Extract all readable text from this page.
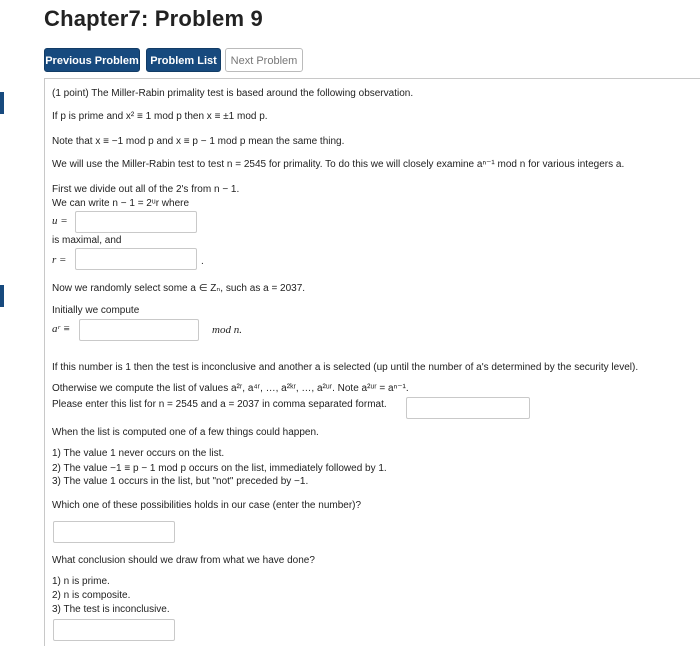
Chapter7: Problem 9
Previous Problem	Problem List	Next Problem
(1 point) The Miller-Rabin primality test is based around the following observation.
If p is prime and x² ≡ 1 mod p then x ≡ ±1 mod p.
Note that x ≡ −1 mod p and x ≡ p − 1 mod p mean the same thing.
We will use the Miller-Rabin test to test n = 2545 for primality. To do this we will closely examine aⁿ⁻¹ mod n for various integers a.
First we divide out all of the 2's from n − 1.
We can write n − 1 = 2ᵘr where
u =
is maximal, and
r =	.
Now we randomly select some a ∈ Zₙ, such as a = 2037.
Initially we compute
aʳ ≡	mod n.
If this number is 1 then the test is inconclusive and another a is selected (up until the number of a's determined by the security level).
Otherwise we compute the list of values a²ʳ, a⁴ʳ, …, a²ᵏʳ, …, a²ᵘʳ. Note a²ᵘʳ = aⁿ⁻¹.
Please enter this list for n = 2545 and a = 2037 in comma separated format.
When the list is computed one of a few things could happen.
1) The value 1 never occurs on the list.
2) The value −1 ≡ p − 1 mod p occurs on the list, immediately followed by 1.
3) The value 1 occurs in the list, but "not" preceded by −1.
Which one of these possibilities holds in our case (enter the number)?
What conclusion should we draw from what we have done?
1) n is prime.
2) n is composite.
3) The test is inconclusive.
